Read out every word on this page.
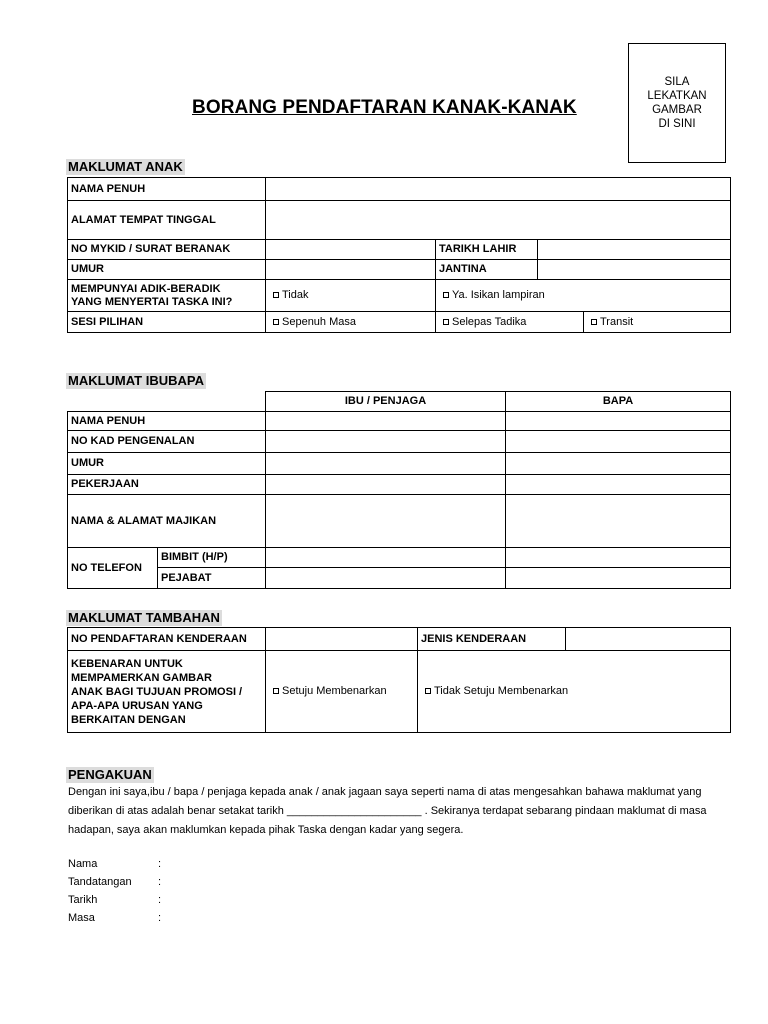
SILA
LEKATKAN
GAMBAR
DI SINI
BORANG PENDAFTARAN KANAK-KANAK
MAKLUMAT ANAK
NAMA PENUH				
ALAMAT TEMPAT TINGGAL				
NO MYKID / SURAT BERANAK		TARIKH LAHIR		
UMUR		JANTINA		
MEMPUNYAI ADIK-BERADIK
YANG MENYERTAI TASKA INI?	Tidak	Ya. Isikan lampiran		
SESI PILIHAN	Sepenuh Masa	Selepas Tadika		Transit
MAKLUMAT IBUBAPA
		IBU / PENJAGA	BAPA
NAMA PENUH			
NO KAD PENGENALAN			
UMUR			
PEKERJAAN			
NAMA & ALAMAT MAJIKAN			
NO TELEFON	BIMBIT (H/P)		
	PEJABAT		
MAKLUMAT TAMBAHAN
NO PENDAFTARAN KENDERAAN		JENIS KENDERAAN	
KEBENARAN UNTUK
MEMPAMERKAN GAMBAR
ANAK BAGI TUJUAN PROMOSI /
APA-APA URUSAN YANG
BERKAITAN DENGAN	Setuju Membenarkan	Tidak Setuju Membenarkan	
PENGAKUAN
Dengan ini saya,ibu / bapa / penjaga kepada anak / anak jagaan saya seperti nama di atas mengesahkan bahawa maklumat yang diberikan di atas adalah benar setakat tarikh ______________________ . Sekiranya terdapat sebarang pindaan maklumat di masa hadapan, saya akan maklumkan kepada pihak Taska dengan kadar yang segera.
Nama
Tandatangan
Tarikh
Masa
:
:
:
:
